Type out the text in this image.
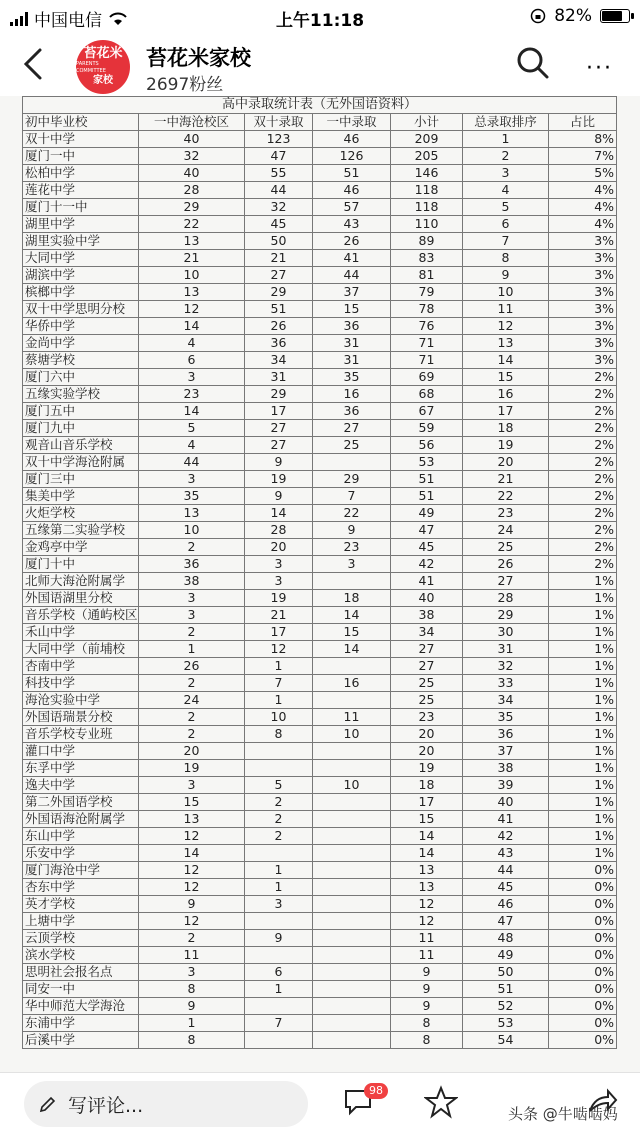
中国电信	上午11:18	82%
苔花米
PARENTS COMMITTEE
家校
苔花米家校
2697粉丝
···
高中录取统计表（无外国语资料）						
初中毕业校	一中海沧校区	双十录取	一中录取	小计	总录取排序	占比
双十中学	40	123	46	209	1	8%
厦门一中	32	47	126	205	2	7%
松柏中学	40	55	51	146	3	5%
莲花中学	28	44	46	118	4	4%
厦门十一中	29	32	57	118	5	4%
湖里中学	22	45	43	110	6	4%
湖里实验中学	13	50	26	89	7	3%
大同中学	21	21	41	83	8	3%
湖滨中学	10	27	44	81	9	3%
槟榔中学	13	29	37	79	10	3%
双十中学思明分校	12	51	15	78	11	3%
华侨中学	14	26	36	76	12	3%
金尚中学	4	36	31	71	13	3%
蔡塘学校	6	34	31	71	14	3%
厦门六中	3	31	35	69	15	2%
五缘实验学校	23	29	16	68	16	2%
厦门五中	14	17	36	67	17	2%
厦门九中	5	27	27	59	18	2%
观音山音乐学校	4	27	25	56	19	2%
双十中学海沧附属	44	9		53	20	2%
厦门三中	3	19	29	51	21	2%
集美中学	35	9	7	51	22	2%
火炬学校	13	14	22	49	23	2%
五缘第二实验学校	10	28	9	47	24	2%
金鸡亭中学	2	20	23	45	25	2%
厦门十中	36	3	3	42	26	2%
北师大海沧附属学	38	3		41	27	1%
外国语湖里分校	3	19	18	40	28	1%
音乐学校（通屿校区	3	21	14	38	29	1%
禾山中学	2	17	15	34	30	1%
大同中学（前埔校	1	12	14	27	31	1%
杏南中学	26	1		27	32	1%
科技中学	2	7	16	25	33	1%
海沧实验中学	24	1		25	34	1%
外国语瑞景分校	2	10	11	23	35	1%
音乐学校专业班	2	8	10	20	36	1%
灌口中学	20			20	37	1%
东孚中学	19			19	38	1%
逸夫中学	3	5	10	18	39	1%
第二外国语学校	15	2		17	40	1%
外国语海沧附属学	13	2		15	41	1%
东山中学	12	2		14	42	1%
乐安中学	14			14	43	1%
厦门海沧中学	12	1		13	44	0%
杏东中学	12	1		13	45	0%
英才学校	9	3		12	46	0%
上塘中学	12			12	47	0%
云顶学校	2	9		11	48	0%
滨水学校	11			11	49	0%
思明社会报名点	3	6		9	50	0%
同安一中	8	1		9	51	0%
华中师范大学海沧	9			9	52	0%
东浦中学	1	7		8	53	0%
后溪中学	8			8	54	0%
写评论...
98
头条 @牛啮啮妈
